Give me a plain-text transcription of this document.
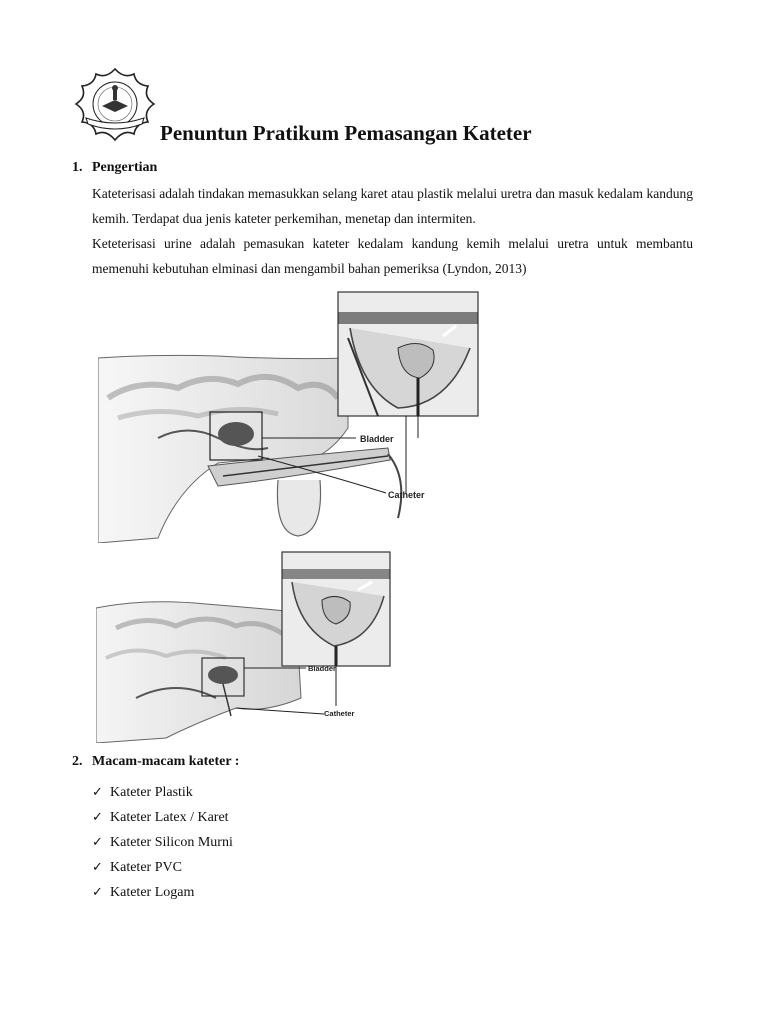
Penuntun Pratikum Pemasangan Kateter
1. Pengertian

Kateterisasi adalah tindakan memasukkan selang karet atau plastik melalui uretra dan masuk kedalam kandung kemih. Terdapat dua jenis kateter perkemihan, menetap dan intermiten.

Keteterisasi urine adalah pemasukan kateter kedalam kandung kemih melalui uretra untuk membantu memenuhi kebutuhan elminasi dan mengambil bahan pemeriksa (Lyndon, 2013)

Bladder
Catheter
Bladder
Catheter
2. Macam-macam kateter :
✓ Kateter Plastik
✓ Kateter Latex / Karet
✓ Kateter Silicon Murni
✓ Kateter PVC
✓ Kateter Logam
